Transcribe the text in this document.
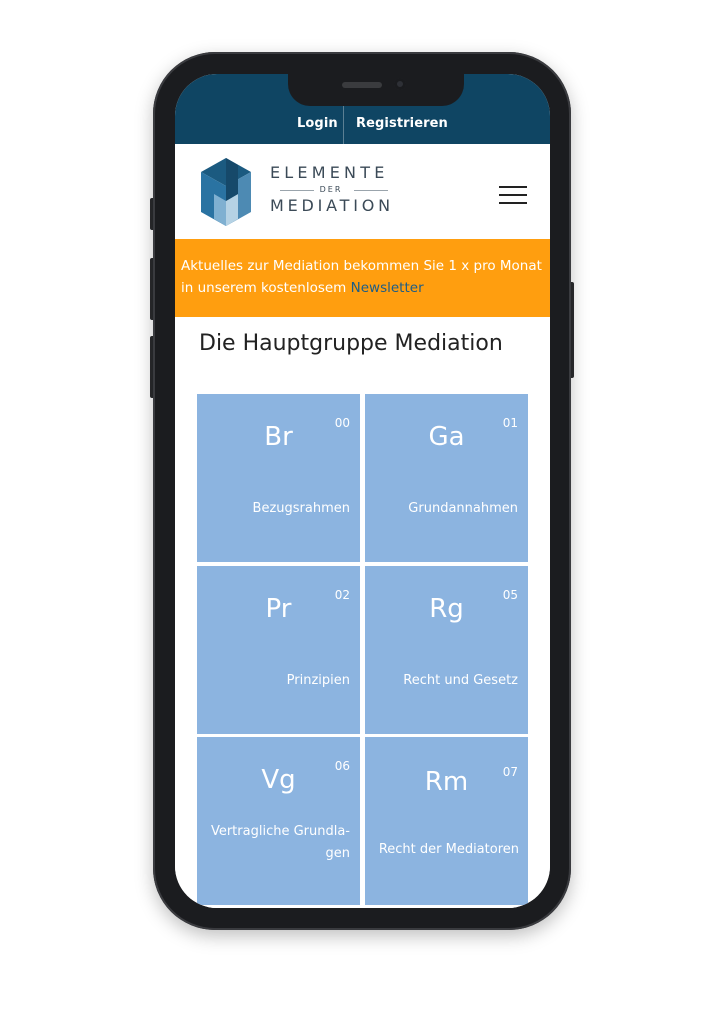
Login Registrieren
ELEMENTE
DER
MEDIATION
Aktuelles zur Mediation bekommen Sie 1 x pro Monat in unserem kostenlosem Newsletter
Die Hauptgruppe Mediation
Br	00
Bezugsrahmen
Ga	01
Grundannahmen
Pr	02
Prinzipien
Rg	05
Recht und Gesetz
Vg	06
Vertragliche Grundla-
gen
Rm	07
Recht der Mediatoren
